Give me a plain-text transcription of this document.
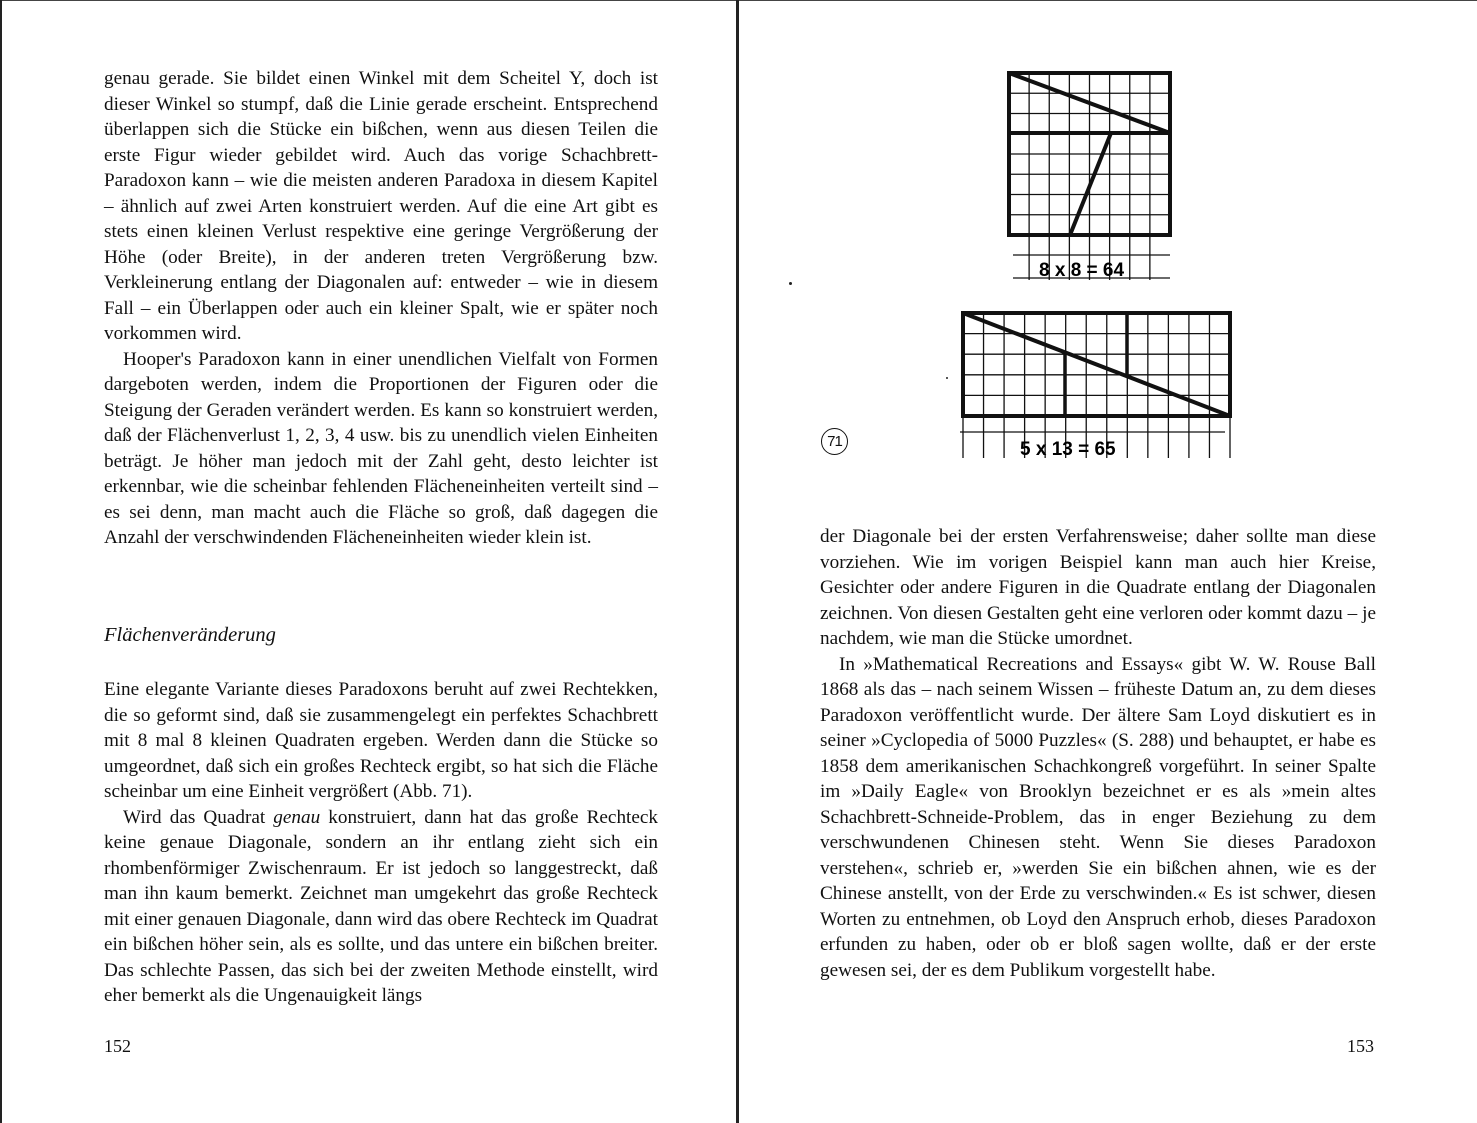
genau gerade. Sie bildet einen Winkel mit dem Scheitel Y, doch ist dieser Winkel so stumpf, daß die Linie gerade erscheint. Entsprechend überlappen sich die Stücke ein bißchen, wenn aus diesen Teilen die erste Figur wieder gebildet wird. Auch das vorige Schachbrett-Paradoxon kann – wie die meisten anderen Paradoxa in diesem Kapitel – ähnlich auf zwei Arten konstruiert werden. Auf die eine Art gibt es stets einen kleinen Verlust respektive eine geringe Vergrößerung der Höhe (oder Breite), in der anderen treten Vergrößerung bzw. Verkleinerung entlang der Diagonalen auf: entweder – wie in diesem Fall – ein Überlappen oder auch ein kleiner Spalt, wie er später noch vorkommen wird.

Hooper's Paradoxon kann in einer unendlichen Vielfalt von Formen dargeboten werden, indem die Proportionen der Figuren oder die Steigung der Geraden verändert werden. Es kann so konstruiert werden, daß der Flächenverlust 1, 2, 3, 4 usw. bis zu unendlich vielen Einheiten beträgt. Je höher man jedoch mit der Zahl geht, desto leichter ist erkennbar, wie die scheinbar fehlenden Flächeneinheiten verteilt sind – es sei denn, man macht auch die Fläche so groß, daß dagegen die Anzahl der verschwindenden Flächeneinheiten wieder klein ist.

Flächenveränderung

Eine elegante Variante dieses Paradoxons beruht auf zwei Rechtekken, die so geformt sind, daß sie zusammengelegt ein perfektes Schachbrett mit 8 mal 8 kleinen Quadraten ergeben. Werden dann die Stücke so umgeordnet, daß sich ein großes Rechteck ergibt, so hat sich die Fläche scheinbar um eine Einheit vergrößert (Abb. 71).

Wird das Quadrat genau konstruiert, dann hat das große Rechteck keine genaue Diagonale, sondern an ihr entlang zieht sich ein rhombenförmiger Zwischenraum. Er ist jedoch so langgestreckt, daß man ihn kaum bemerkt. Zeichnet man umgekehrt das große Rechteck mit einer genauen Diagonale, dann wird das obere Rechteck im Quadrat ein bißchen höher sein, als es sollte, und das untere ein bißchen breiter. Das schlechte Passen, das sich bei der zweiten Methode einstellt, wird eher bemerkt als die Ungenauigkeit längs

152
8 x 8 = 64
5 x 13 = 65
71

der Diagonale bei der ersten Verfahrensweise; daher sollte man diese vorziehen. Wie im vorigen Beispiel kann man auch hier Kreise, Gesichter oder andere Figuren in die Quadrate entlang der Diagonalen zeichnen. Von diesen Gestalten geht eine verloren oder kommt dazu – je nachdem, wie man die Stücke umordnet.

In »Mathematical Recreations and Essays« gibt W. W. Rouse Ball 1868 als das – nach seinem Wissen – früheste Datum an, zu dem dieses Paradoxon veröffentlicht wurde. Der ältere Sam Loyd diskutiert es in seiner »Cyclopedia of 5000 Puzzles« (S. 288) und behauptet, er habe es 1858 dem amerikanischen Schachkongreß vorgeführt. In seiner Spalte im »Daily Eagle« von Brooklyn bezeichnet er es als »mein altes Schachbrett-Schneide-Problem, das in enger Beziehung zu dem verschwundenen Chinesen steht. Wenn Sie dieses Paradoxon verstehen«, schrieb er, »werden Sie ein bißchen ahnen, wie es der Chinese anstellt, von der Erde zu verschwinden.« Es ist schwer, diesen Worten zu entnehmen, ob Loyd den Anspruch erhob, dieses Paradoxon erfunden zu haben, oder ob er bloß sagen wollte, daß er der erste gewesen sei, der es dem Publikum vorgestellt habe.

153
